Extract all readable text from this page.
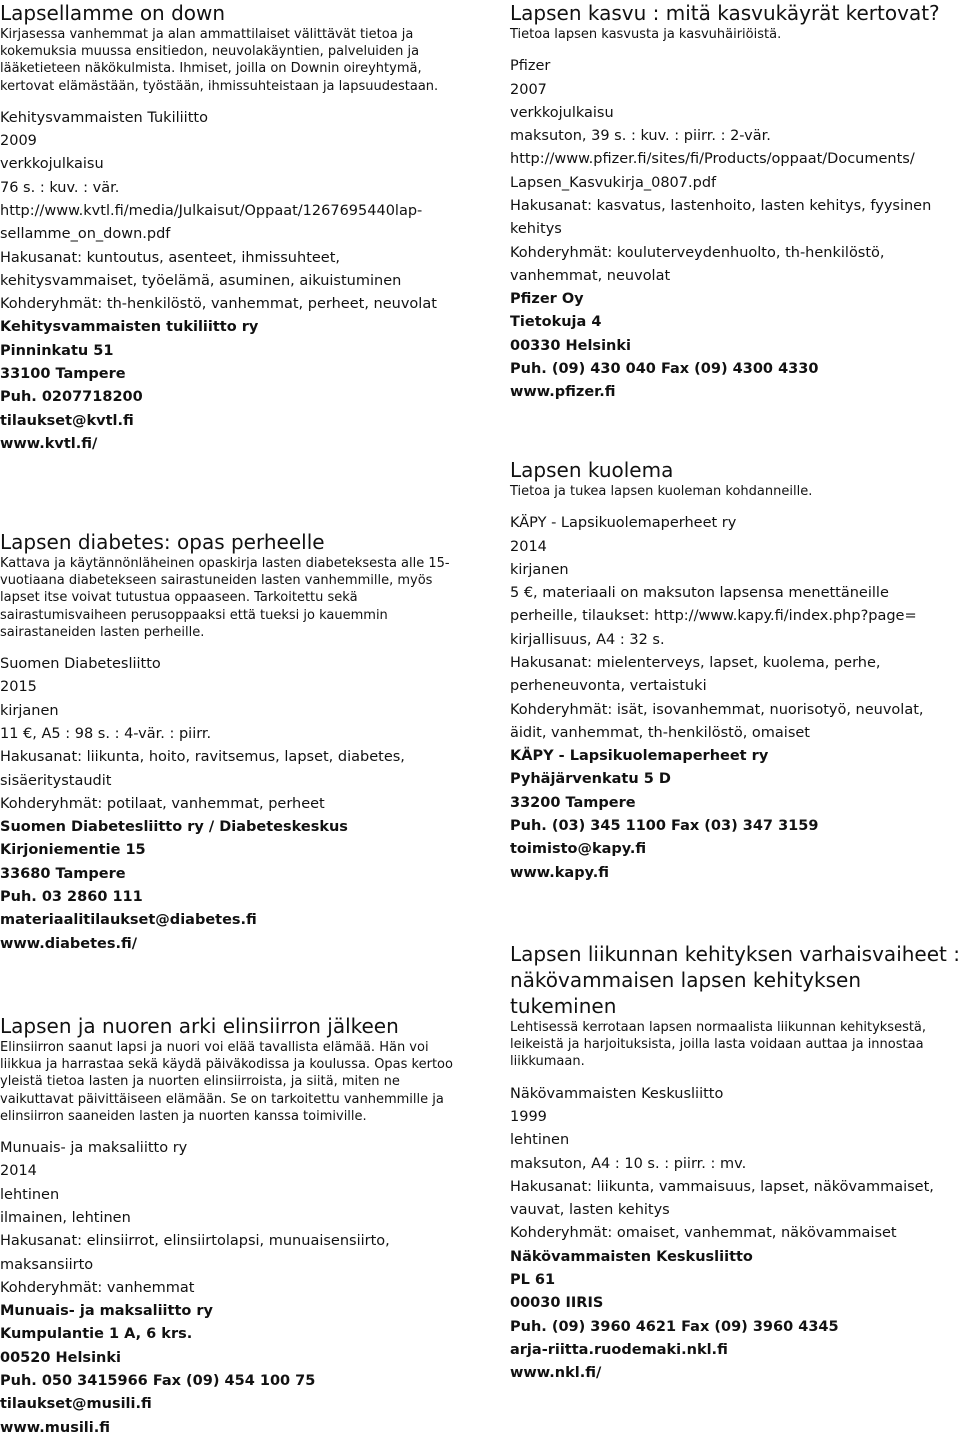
Lapsellamme on down

Kirjasessa vanhemmat ja alan ammattilaiset välittävät tietoa ja kokemuksia muussa ensitiedon, neuvolakäyntien, palveluiden ja lääketieteen näkökulmista. Ihmiset, joilla on Downin oireyhtymä, kertovat elämästään, työstään, ihmissuhteistaan ja lapsuudestaan.

Kehitysvammaisten Tukiliitto
2009
verkkojulkaisu
76 s. : kuv. : vär.
http://www.kvtl.fi/media/Julkaisut/Oppaat/1267695440lap-
sellamme_on_down.pdf
Hakusanat: kuntoutus, asenteet, ihmissuhteet,
kehitysvammaiset, työelämä, asuminen, aikuistuminen
Kohderyhmät: th-henkilöstö, vanhemmat, perheet, neuvolat
Kehitysvammaisten tukiliitto ry
Pinninkatu 51
33100 Tampere
Puh. 0207718200
tilaukset@kvtl.fi
www.kvtl.fi/
Lapsen diabetes: opas perheelle

Kattava ja käytännönläheinen opaskirja lasten diabeteksesta alle 15-vuotiaana diabetekseen sairastuneiden lasten vanhemmille, myös lapset itse voivat tutustua oppaaseen. Tarkoitettu sekä sairastumisvaiheen perusoppaaksi että tueksi jo kauemmin sairastaneiden lasten perheille.

Suomen Diabetesliitto
2015
kirjanen
11 €, A5 : 98 s. : 4-vär. : piirr.
Hakusanat: liikunta, hoito, ravitsemus, lapset, diabetes,
sisäeritystaudit
Kohderyhmät: potilaat, vanhemmat, perheet
Suomen Diabetesliitto ry / Diabeteskeskus
Kirjoniementie 15
33680 Tampere
Puh. 03 2860 111
materiaalitilaukset@diabetes.fi
www.diabetes.fi/
Lapsen ja nuoren arki elinsiirron jälkeen

Elinsiirron saanut lapsi ja nuori voi elää tavallista elämää. Hän voi liikkua ja harrastaa sekä käydä päiväkodissa ja koulussa. Opas kertoo yleistä tietoa lasten ja nuorten elinsiirroista, ja siitä, miten ne vaikuttavat päivittäiseen elämään. Se on tarkoitettu vanhemmille ja elinsiirron saaneiden lasten ja nuorten kanssa toimiville.

Munuais- ja maksaliitto ry
2014
lehtinen
ilmainen, lehtinen
Hakusanat: elinsiirrot, elinsiirtolapsi, munuaisensiirto,
maksansiirto
Kohderyhmät: vanhemmat
Munuais- ja maksaliitto ry
Kumpulantie 1 A, 6 krs.
00520 Helsinki
Puh. 050 3415966 Fax (09) 454 100 75
tilaukset@musili.fi
www.musili.fi
Lapsen kasvu : mitä kasvukäyrät kertovat?

Tietoa lapsen kasvusta ja kasvuhäiriöistä.

Pfizer
2007
verkkojulkaisu
maksuton, 39 s. : kuv. : piirr. : 2-vär.
http://www.pfizer.fi/sites/fi/Products/oppaat/Documents/
Lapsen_Kasvukirja_0807.pdf
Hakusanat: kasvatus, lastenhoito, lasten kehitys, fyysinen
kehitys
Kohderyhmät: kouluterveydenhuolto, th-henkilöstö,
vanhemmat, neuvolat
Pfizer Oy
Tietokuja 4
00330 Helsinki
Puh. (09) 430 040 Fax (09) 4300 4330
www.pfizer.fi
Lapsen kuolema

Tietoa ja tukea lapsen kuoleman kohdanneille.

KÄPY - Lapsikuolemaperheet ry
2014
kirjanen
5 €, materiaali on maksuton lapsensa menettäneille
perheille, tilaukset: http://www.kapy.fi/index.php?page=
kirjallisuus, A4 : 32 s.
Hakusanat: mielenterveys, lapset, kuolema, perhe,
perheneuvonta, vertaistuki
Kohderyhmät: isät, isovanhemmat, nuorisotyö, neuvolat,
äidit, vanhemmat, th-henkilöstö, omaiset
KÄPY - Lapsikuolemaperheet ry
Pyhäjärvenkatu 5 D
33200 Tampere
Puh. (03) 345 1100 Fax (03) 347 3159
toimisto@kapy.fi
www.kapy.fi
Lapsen liikunnan kehityksen varhaisvaiheet : näkövammaisen lapsen kehityksen tukeminen

Lehtisessä kerrotaan lapsen normaalista liikunnan kehityksestä, leikeistä ja harjoituksista, joilla lasta voidaan auttaa ja innostaa liikkumaan.

Näkövammaisten Keskusliitto
1999
lehtinen
maksuton, A4 : 10 s. : piirr. : mv.
Hakusanat: liikunta, vammaisuus, lapset, näkövammaiset,
vauvat, lasten kehitys
Kohderyhmät: omaiset, vanhemmat, näkövammaiset
Näkövammaisten Keskusliitto
PL 61
00030 IIRIS
Puh. (09) 3960 4621 Fax (09) 3960 4345
arja-riitta.ruodemaki.nkl.fi
www.nkl.fi/
